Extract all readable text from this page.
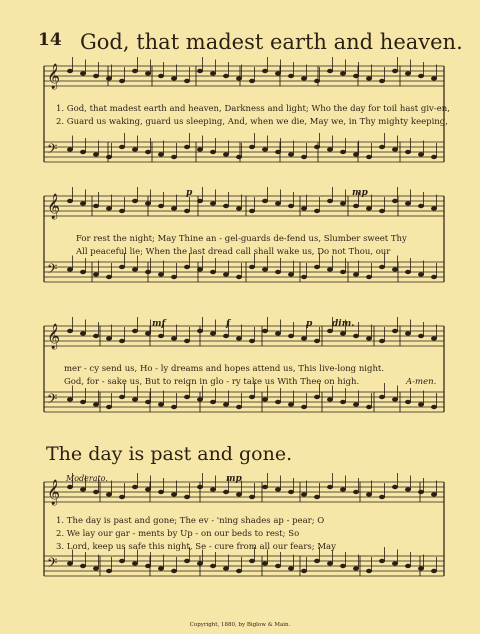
𝄞
𝄢
𝄞
𝄢
𝄞
𝄢
𝄞
𝄢
14 God, that madest earth and heaven.
1. God, that madest earth and heaven, Darkness and light; Who the day for toil hast giv-en,
2. Guard us waking, guard us sleeping, And, when we die, May we, in Thy mighty keeping,
p	mp
For rest the night; May Thine an - gel-guards de-fend us, Slumber sweet Thy
All peaceful lie; When the last dread call shall wake us, Do not Thou, our
mf	f	p dim.
mer - cy send us, Ho - ly dreams and hopes attend us, This live-long night.
God, for - sake us, But to reign in glo - ry take us With Thee on high.	A-men.
The day is past and gone.
Moderato.	mp
1. The day is past and gone; The ev - 'ning shades ap - pear; O
2. We lay our gar - ments by Up - on our beds to rest; So
3. Lord, keep us safe this night, Se - cure from all our fears; May
Copyright, 1880, by Biglow & Main.
